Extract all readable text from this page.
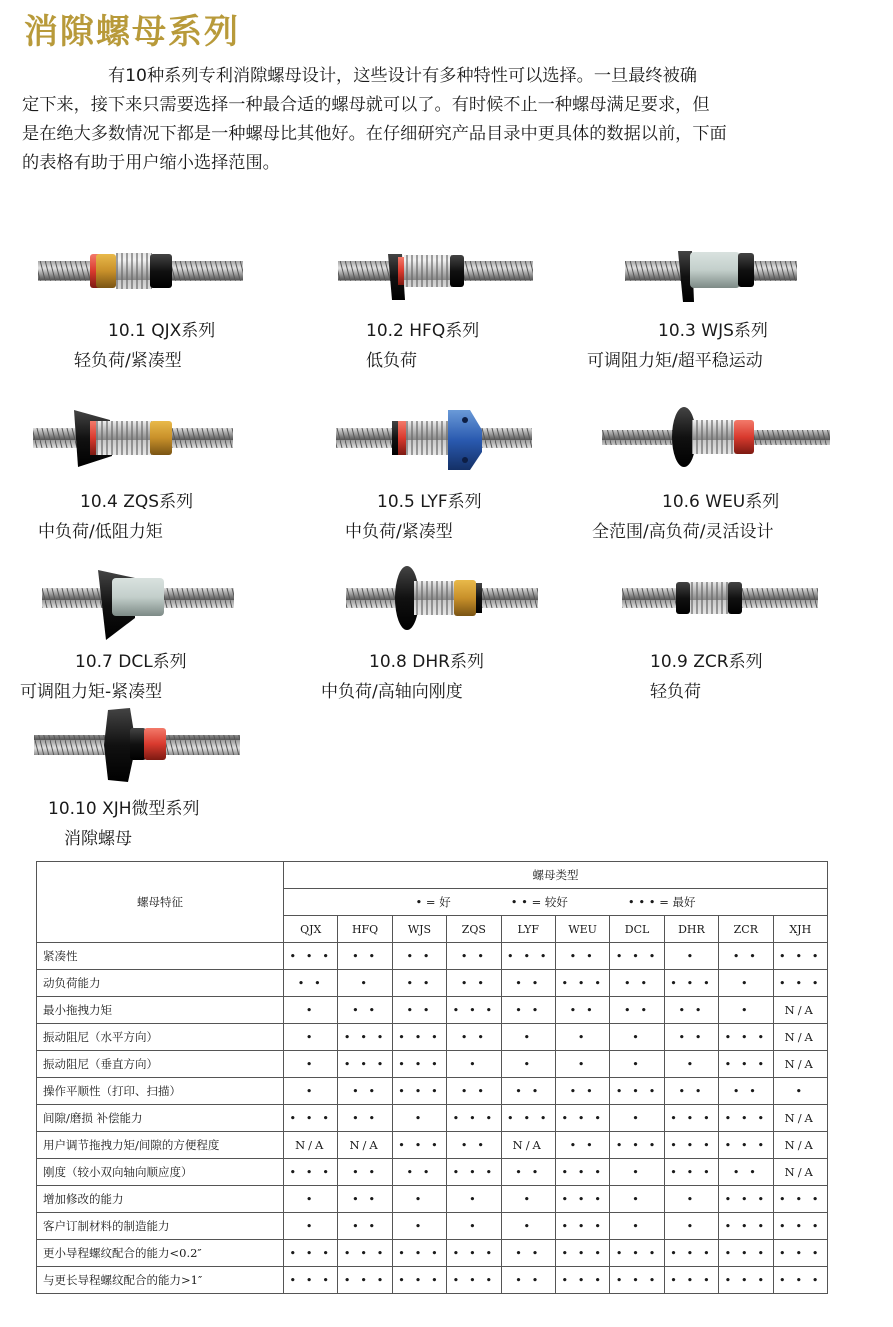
消隙螺母系列
　　　　　有10种系列专利消隙螺母设计，这些设计有多种特性可以选择。一旦最终被确
定下来，接下来只需要选择一种最合适的螺母就可以了。有时候不止一种螺母满足要求，但
是在绝大多数情况下都是一种螺母比其他好。在仔细研究产品目录中更具体的数据以前，下面
的表格有助于用户缩小选择范围。
10.1 QJX系列
轻负荷/紧凑型
10.2 HFQ系列
低负荷
10.3 WJS系列
可调阻力矩/超平稳运动
10.4 ZQS系列
中负荷/低阻力矩
10.5 LYF系列
中负荷/紧凑型
10.6 WEU系列
全范围/高负荷/灵活设计
10.7 DCL系列
可调阻力矩-紧凑型
10.8 DHR系列
中负荷/高轴向刚度
10.9 ZCR系列
轻负荷
10.10 XJH微型系列
消隙螺母
螺母特征	螺母类型									

	• = 好 • • = 较好 • • • = 最好									

	QJX	HFQ	WJS	ZQS	LYF	WEU	DCL	DHR	ZCR	XJH
紧凑性	• • •	• •	• •	• •	• • •	• •	• • •	•	• •	• • •
动负荷能力	• •	•	• •	• •	• •	• • •	• •	• • •	•	• • •
最小拖拽力矩	•	• •	• •	• • •	• •	• •	• •	• •	•	N/A
振动阻尼（水平方向）	•	• • •	• • •	• •	•	•	•	• •	• • •	N/A
振动阻尼（垂直方向）	•	• • •	• • •	•	•	•	•	•	• • •	N/A
操作平顺性（打印、扫描）	•	• •	• • •	• •	• •	• •	• • •	• •	• •	•
间隙/磨损 补偿能力	• • •	• •	•	• • •	• • •	• • •	•	• • •	• • •	N/A
用户调节拖拽力矩/间隙的方便程度	N/A	N/A	• • •	• •	N/A	• •	• • •	• • •	• • •	N/A
刚度（较小双向轴向顺应度）	• • •	• •	• •	• • •	• •	• • •	•	• • •	• •	N/A
增加修改的能力	•	• •	•	•	•	• • •	•	•	• • •	• • •
客户订制材料的制造能力	•	• •	•	•	•	• • •	•	•	• • •	• • •
更小导程螺纹配合的能力<0.2″	• • •	• • •	• • •	• • •	• •	• • •	• • •	• • •	• • •	• • •
与更长导程螺纹配合的能力>1″	• • •	• • •	• • •	• • •	• •	• • •	• • •	• • •	• • •	• • •
